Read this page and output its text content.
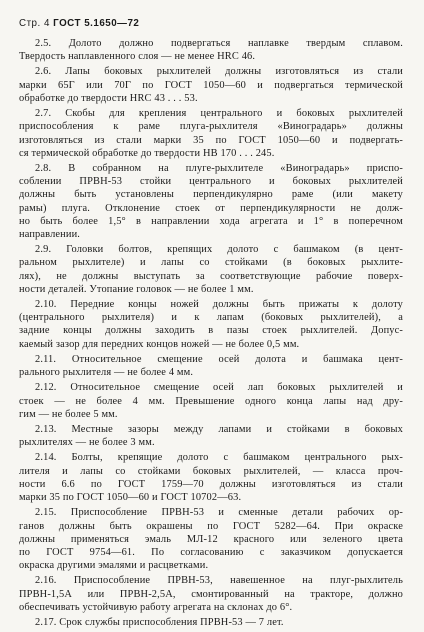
Стр. 4 ГОСТ 5.1650—72
2.5. Долото должно подвергаться наплавке твердым сплавом.
Твердость наплавленного слоя — не менее HRC 46.
2.6. Лапы боковых рыхлителей должны изготовляться из стали
марки 65Г или 70Г по ГОСТ 1050—60 и подвергаться термической
обработке до твердости HRC 43 . . . 53.
2.7. Скобы для крепления центрального и боковых рыхлителей
приспособления к раме плуга-рыхлителя «Виноградарь» должны
изготовляться из стали марки 35 по ГОСТ 1050—60 и подвергать-
ся термической обработке до твердости НВ 170 . . . 245.
2.8. В собранном на плуге-рыхлителе «Виноградарь» приспо-
соблении ПРВН-53 стойки центрального и боковых рыхлителей
должны быть установлены перпендикулярно раме (или макету
рамы) плуга. Отклонение стоек от перпендикулярности не долж-
но быть более 1,5° в направлении хода агрегата и 1° в поперечном
направлении.
2.9. Головки болтов, крепящих долото с башмаком (в цент-
ральном рыхлителе) и лапы со стойками (в боковых рыхлите-
лях), не должны выступать за соответствующие рабочие поверх-
ности деталей. Утопание головок — не более 1 мм.
2.10. Передние концы ножей должны быть прижаты к долоту
(центрального рыхлителя) и к лапам (боковых рыхлителей), а
задние концы должны заходить в пазы стоек рыхлителей. Допус-
каемый зазор для передних концов ножей — не более 0,5 мм.
2.11. Относительное смещение осей долота и башмака цент-
рального рыхлителя — не более 4 мм.
2.12. Относительное смещение осей лап боковых рыхлителей и
стоек — не более 4 мм. Превышение одного конца лапы над дру-
гим — не более 5 мм.
2.13. Местные зазоры между лапами и стойками в боковых
рыхлителях — не более 3 мм.
2.14. Болты, крепящие долото с башмаком центрального рых-
лителя и лапы со стойками боковых рыхлителей, — класса проч-
ности 6.6 по ГОСТ 1759—70 должны изготовляться из стали
марки 35 по ГОСТ 1050—60 и ГОСТ 10702—63.
2.15. Приспособление ПРВН-53 и сменные детали рабочих ор-
ганов должны быть окрашены по ГОСТ 5282—64. При окраске
должны применяться эмаль МЛ-12 красного или зеленого цвета
по ГОСТ 9754—61. По согласованию с заказчиком допускается
окраска другими эмалями и расцветками.
2.16. Приспособление ПРВН-53, навешенное на плуг-рыхлитель
ПРВН-1,5А или ПРВН-2,5А, смонтированный на тракторе, должно
обеспечивать устойчивую работу агрегата на склонах до 6°.
2.17. Срок службы приспособления ПРВН-53 — 7 лет.
